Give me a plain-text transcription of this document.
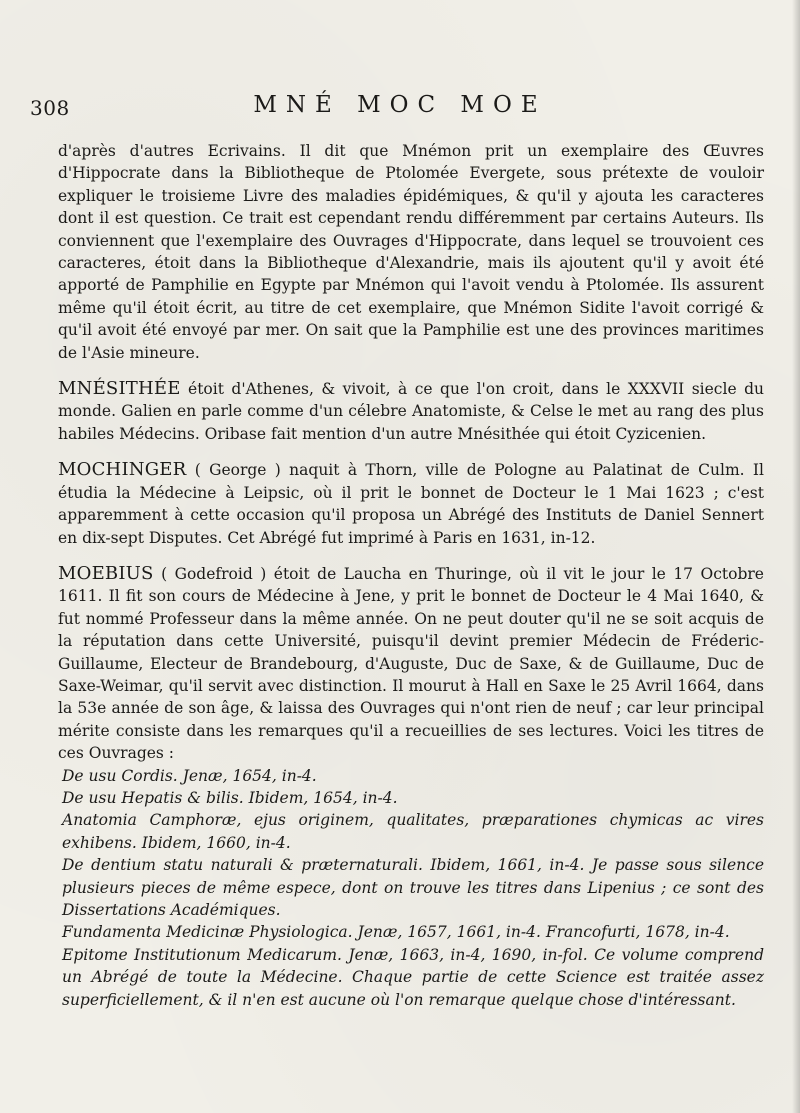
308	MNÉ MOC MOE

d'après d'autres Ecrivains. Il dit que Mnémon prit un exemplaire des Œuvres d'Hippocrate dans la Bibliotheque de Ptolomée Evergete, sous prétexte de vouloir expliquer le troisieme Livre des maladies épidémiques, & qu'il y ajouta les caracteres dont il est question. Ce trait est cependant rendu différemment par certains Auteurs. Ils conviennent que l'exemplaire des Ouvrages d'Hippocrate, dans lequel se trouvoient ces caracteres, étoit dans la Bibliotheque d'Alexandrie, mais ils ajoutent qu'il y avoit été apporté de Pamphilie en Egypte par Mnémon qui l'avoit vendu à Ptolomée. Ils assurent même qu'il étoit écrit, au titre de cet exemplaire, que Mnémon Sidite l'avoit corrigé & qu'il avoit été envoyé par mer. On sait que la Pamphilie est une des provinces maritimes de l'Asie mineure.

MNÉSITHÉE étoit d'Athenes, & vivoit, à ce que l'on croit, dans le XXXVII siecle du monde. Galien en parle comme d'un célebre Anatomiste, & Celse le met au rang des plus habiles Médecins. Oribase fait mention d'un autre Mnésithée qui étoit Cyzicenien.

MOCHINGER ( George ) naquit à Thorn, ville de Pologne au Palatinat de Culm. Il étudia la Médecine à Leipsic, où il prit le bonnet de Docteur le 1 Mai 1623 ; c'est apparemment à cette occasion qu'il proposa un Abrégé des Instituts de Daniel Sennert en dix-sept Disputes. Cet Abrégé fut imprimé à Paris en 1631, in-12.

MOEBIUS ( Godefroid ) étoit de Laucha en Thuringe, où il vit le jour le 17 Octobre 1611. Il fit son cours de Médecine à Jene, y prit le bonnet de Docteur le 4 Mai 1640, & fut nommé Professeur dans la même année. On ne peut douter qu'il ne se soit acquis de la réputation dans cette Université, puisqu'il devint premier Médecin de Fréderic-Guillaume, Electeur de Brandebourg, d'Auguste, Duc de Saxe, & de Guillaume, Duc de Saxe-Weimar, qu'il servit avec distinction. Il mourut à Hall en Saxe le 25 Avril 1664, dans la 53e année de son âge, & laissa des Ouvrages qui n'ont rien de neuf ; car leur principal mérite consiste dans les remarques qu'il a recueillies de ses lectures. Voici les titres de ces Ouvrages :

De usu Cordis. Jenæ, 1654, in-4.
De usu Hepatis & bilis. Ibidem, 1654, in-4.
Anatomia Camphoræ, ejus originem, qualitates, præparationes chymicas ac vires exhibens. Ibidem, 1660, in-4.
De dentium statu naturali & præternaturali. Ibidem, 1661, in-4. Je passe sous silence plusieurs pieces de même espece, dont on trouve les titres dans Lipenius ; ce sont des Dissertations Académiques.
Fundamenta Medicinæ Physiologica. Jenæ, 1657, 1661, in-4. Francofurti, 1678, in-4.
Epitome Institutionum Medicarum. Jenæ, 1663, in-4, 1690, in-fol. Ce volume comprend un Abrégé de toute la Médecine. Chaque partie de cette Science est traitée assez superficiellement, & il n'en est aucune où l'on remarque quelque chose d'intéressant.
